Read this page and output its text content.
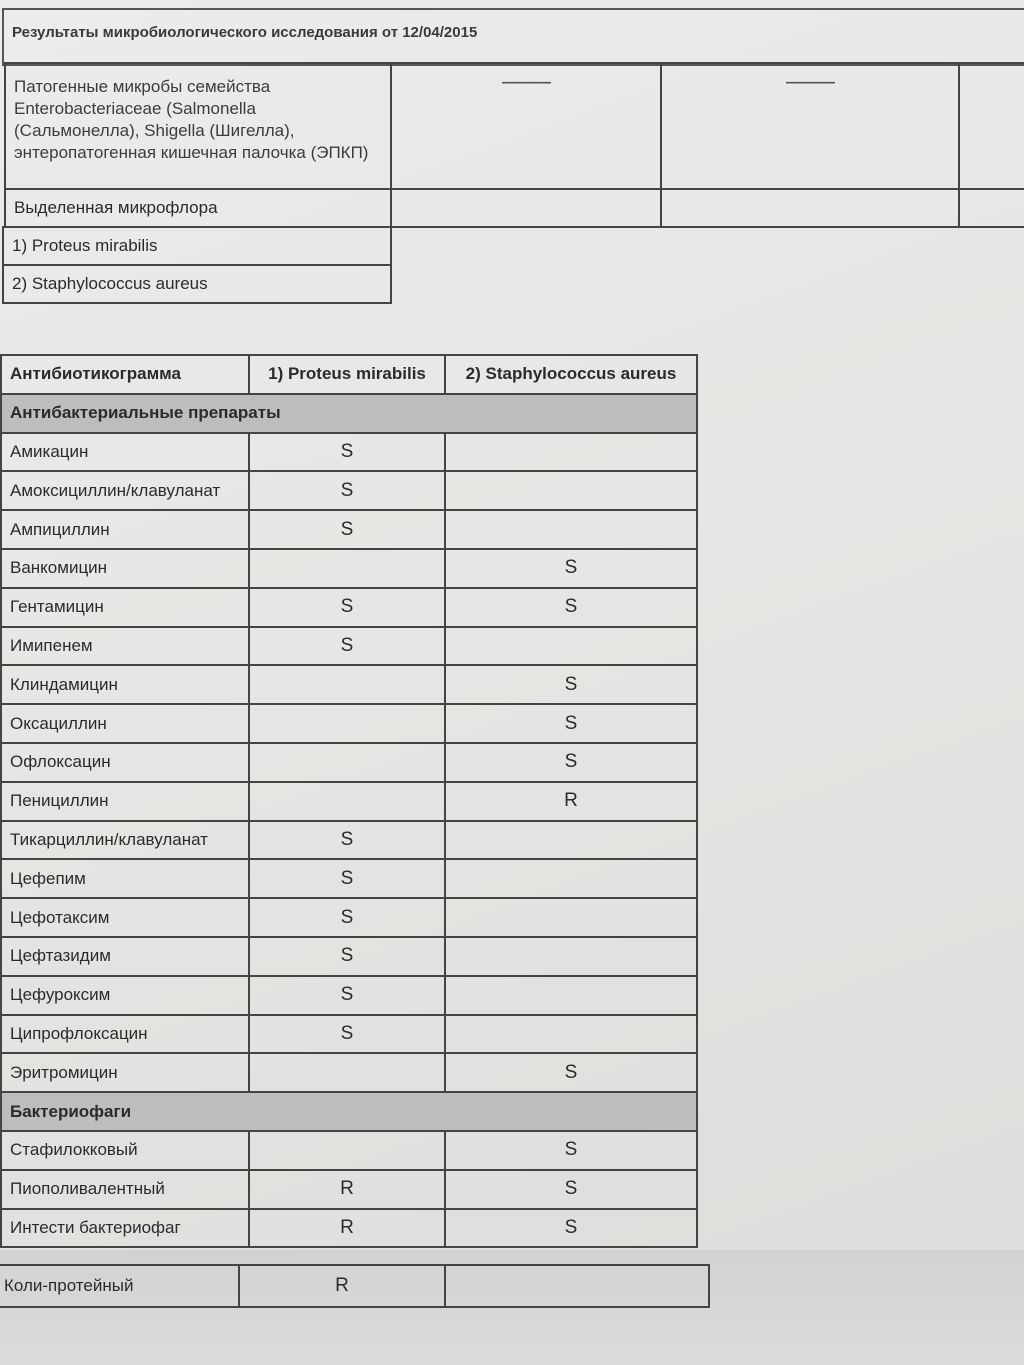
Результаты микробиологического исследования от 12/04/2015
Патогенные микробы семейства Enterobacteriaceae (Salmonella (Сальмонелла), Shigella (Шигелла), энтеропатогенная кишечная палочка (ЭПКП)	———	———	
Выделенная микрофлора			
1) Proteus mirabilis
2) Staphylococcus aureus
Антибиотикограмма	1) Proteus mirabilis	2) Staphylococcus aureus
Антибактериальные препараты		
Амикацин	S	
Амоксициллин/клавуланат	S	
Ампициллин	S	
Ванкомицин		S
Гентамицин	S	S
Имипенем	S	
Клиндамицин		S
Оксациллин		S
Офлоксацин		S
Пенициллин		R
Тикарциллин/клавуланат	S	
Цефепим	S	
Цефотаксим	S	
Цефтазидим	S	
Цефуроксим	S	
Ципрофлоксацин	S	
Эритромицин		S
Бактериофаги		
Стафилокковый		S
Пиополивалентный	R	S
Интести бактериофаг	R	S
Коли-протейный	R	
